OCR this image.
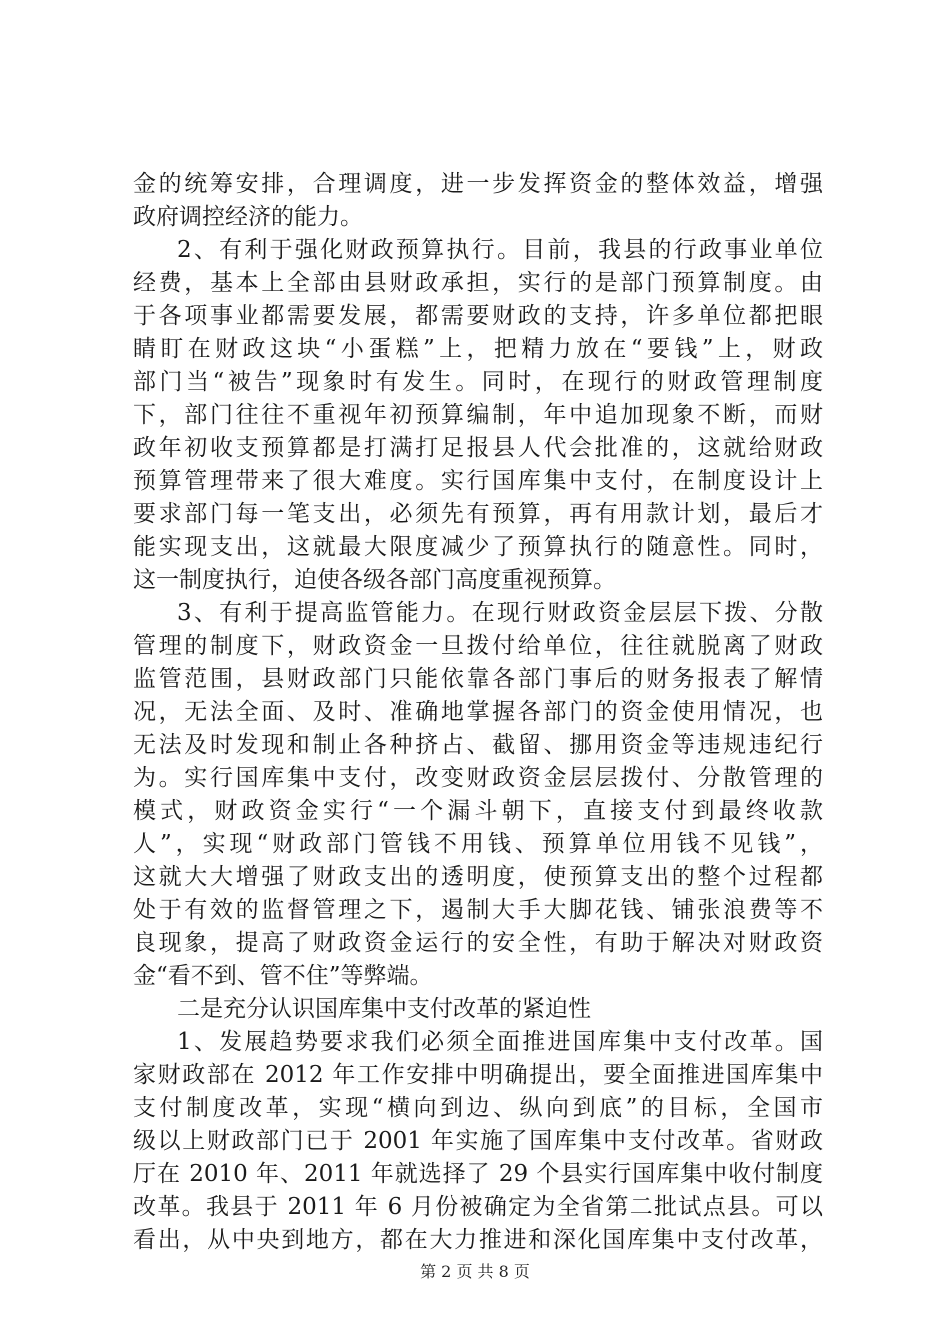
金的统筹安排，合理调度，进一步发挥资金的整体效益，增强
政府调控经济的能力。
2、有利于强化财政预算执行。目前，我县的行政事业单位
经费，基本上全部由县财政承担，实行的是部门预算制度。由
于各项事业都需要发展，都需要财政的支持，许多单位都把眼
睛盯在财政这块“小蛋糕”上，把精力放在“要钱”上，财政
部门当“被告”现象时有发生。同时，在现行的财政管理制度
下，部门往往不重视年初预算编制，年中追加现象不断，而财
政年初收支预算都是打满打足报县人代会批准的，这就给财政
预算管理带来了很大难度。实行国库集中支付，在制度设计上
要求部门每一笔支出，必须先有预算，再有用款计划，最后才
能实现支出，这就最大限度减少了预算执行的随意性。同时，
这一制度执行，迫使各级各部门高度重视预算。
3、有利于提高监管能力。在现行财政资金层层下拨、分散
管理的制度下，财政资金一旦拨付给单位，往往就脱离了财政
监管范围，县财政部门只能依靠各部门事后的财务报表了解情
况，无法全面、及时、准确地掌握各部门的资金使用情况，也
无法及时发现和制止各种挤占、截留、挪用资金等违规违纪行
为。实行国库集中支付，改变财政资金层层拨付、分散管理的
模式，财政资金实行“一个漏斗朝下，直接支付到最终收款
人”，实现“财政部门管钱不用钱、预算单位用钱不见钱”，
这就大大增强了财政支出的透明度，使预算支出的整个过程都
处于有效的监督管理之下，遏制大手大脚花钱、铺张浪费等不
良现象，提高了财政资金运行的安全性，有助于解决对财政资
金“看不到、管不住”等弊端。
二是充分认识国库集中支付改革的紧迫性
1、发展趋势要求我们必须全面推进国库集中支付改革。国
家财政部在 2012 年工作安排中明确提出，要全面推进国库集中
支付制度改革，实现“横向到边、纵向到底”的目标，全国市
级以上财政部门已于 2001 年实施了国库集中支付改革。省财政
厅在 2010 年、2011 年就选择了 29 个县实行国库集中收付制度
改革。我县于 2011 年 6 月份被确定为全省第二批试点县。可以
看出，从中央到地方，都在大力推进和深化国库集中支付改革，
第 2 页 共 8 页
